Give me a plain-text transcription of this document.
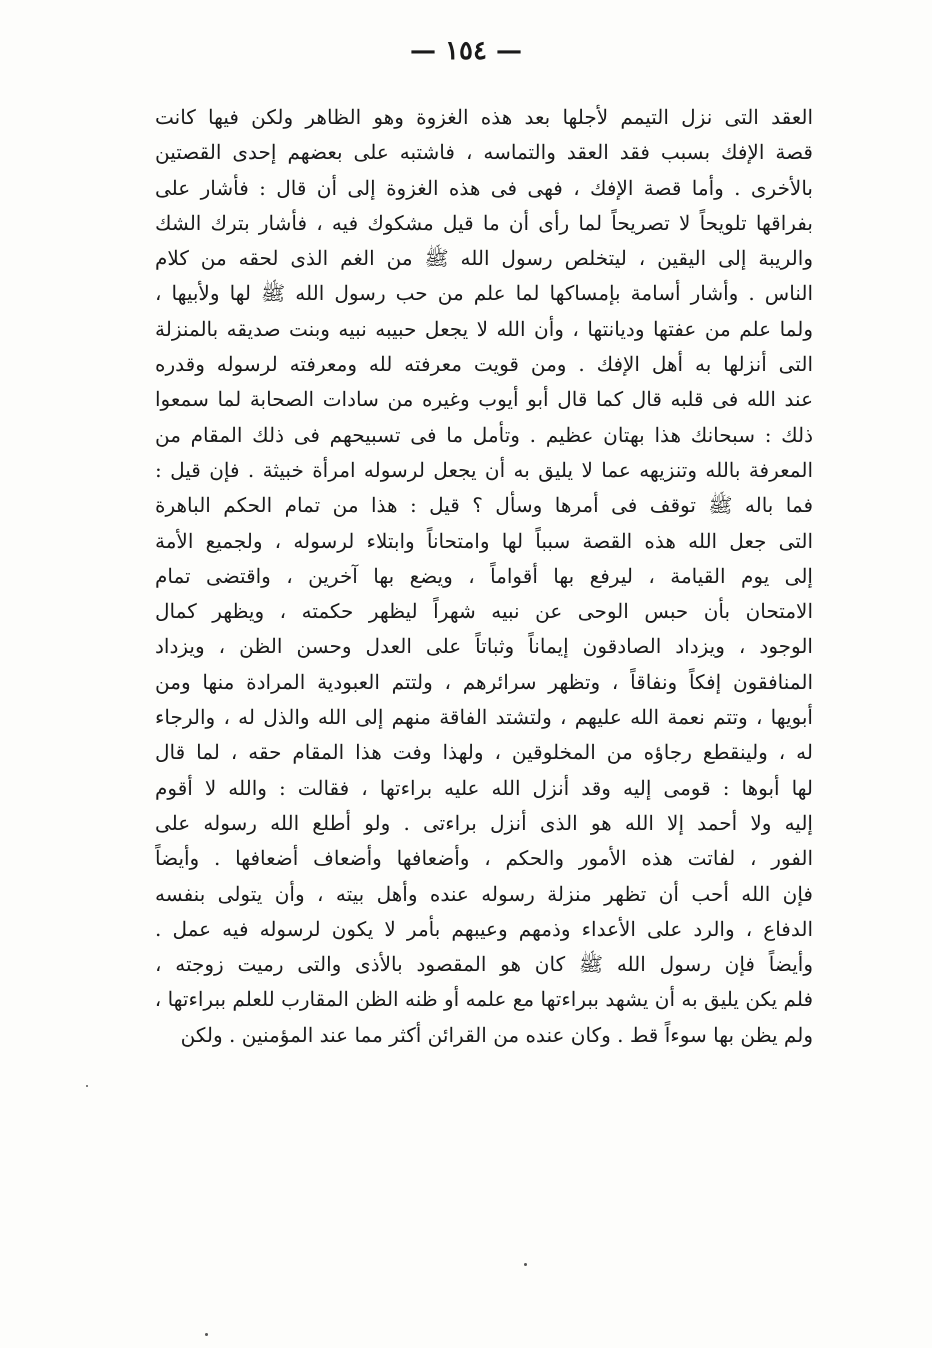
— ١٥٤ —
العقد التى نزل التيمم لأجلها بعد هذه الغزوة وهو الظاهر ولكن فيها كانت
قصة الإفك بسبب فقد العقد والتماسه ، فاشتبه على بعضهم إحدى القصتين
بالأخرى . وأما قصة الإفك ، فهى فى هذه الغزوة إلى أن قال : فأشار على
بفراقها تلويحاً لا تصريحاً لما رأى أن ما قيل مشكوك فيه ، فأشار بترك الشك
والريبة إلى اليقين ، ليتخلص رسول الله ﷺ من الغم الذى لحقه من كلام
الناس . وأشار أسامة بإمساكها لما علم من حب رسول الله ﷺ لها ولأبيها ،
ولما علم من عفتها وديانتها ، وأن الله لا يجعل حبيبه نبيه وبنت صديقه بالمنزلة
التى أنزلها به أهل الإفك . ومن قويت معرفته لله ومعرفته لرسوله وقدره
عند الله فى قلبه قال كما قال أبو أيوب وغيره من سادات الصحابة لما سمعوا
ذلك : سبحانك هذا بهتان عظيم . وتأمل ما فى تسبيحهم فى ذلك المقام من
المعرفة بالله وتنزيهه عما لا يليق به أن يجعل لرسوله امرأة خبيثة . فإن قيل :
فما باله ﷺ توقف فى أمرها وسأل ؟ قيل : هذا من تمام الحكم الباهرة
التى جعل الله هذه القصة سبباً لها وامتحاناً وابتلاء لرسوله ، ولجميع الأمة
إلى يوم القيامة ، ليرفع بها أقواماً ، ويضع بها آخرين ، واقتضى تمام
الامتحان بأن حبس الوحى عن نبيه شهراً ليظهر حكمته ، ويظهر كمال
الوجود ، ويزداد الصادقون إيماناً وثباتاً على العدل وحسن الظن ، ويزداد
المنافقون إفكاً ونفاقاً ، وتظهر سرائرهم ، ولتتم العبودية المرادة منها ومن
أبويها ، وتتم نعمة الله عليهم ، ولتشتد الفاقة منهم إلى الله والذل له ، والرجاء
له ، ولينقطع رجاؤه من المخلوقين ، ولهذا وفت هذا المقام حقه ، لما قال
لها أبوها : قومى إليه وقد أنزل الله عليه براءتها ، فقالت : والله لا أقوم
إليه ولا أحمد إلا الله هو الذى أنزل براءتى . ولو أطلع الله رسوله على
الفور ، لفاتت هذه الأمور والحكم ، وأضعافها وأضعاف أضعافها . وأيضاً
فإن الله أحب أن تظهر منزلة رسوله عنده وأهل بيته ، وأن يتولى بنفسه
الدفاع ، والرد على الأعداء وذمهم وعيبهم بأمر لا يكون لرسوله فيه عمل .
وأيضاً فإن رسول الله ﷺ كان هو المقصود بالأذى والتى رميت زوجته ،
فلم يكن يليق به أن يشهد ببراءتها مع علمه أو ظنه الظن المقارب للعلم ببراءتها ،
ولم يظن بها سوءاً قط . وكان عنده من القرائن أكثر مما عند المؤمنين . ولكن
